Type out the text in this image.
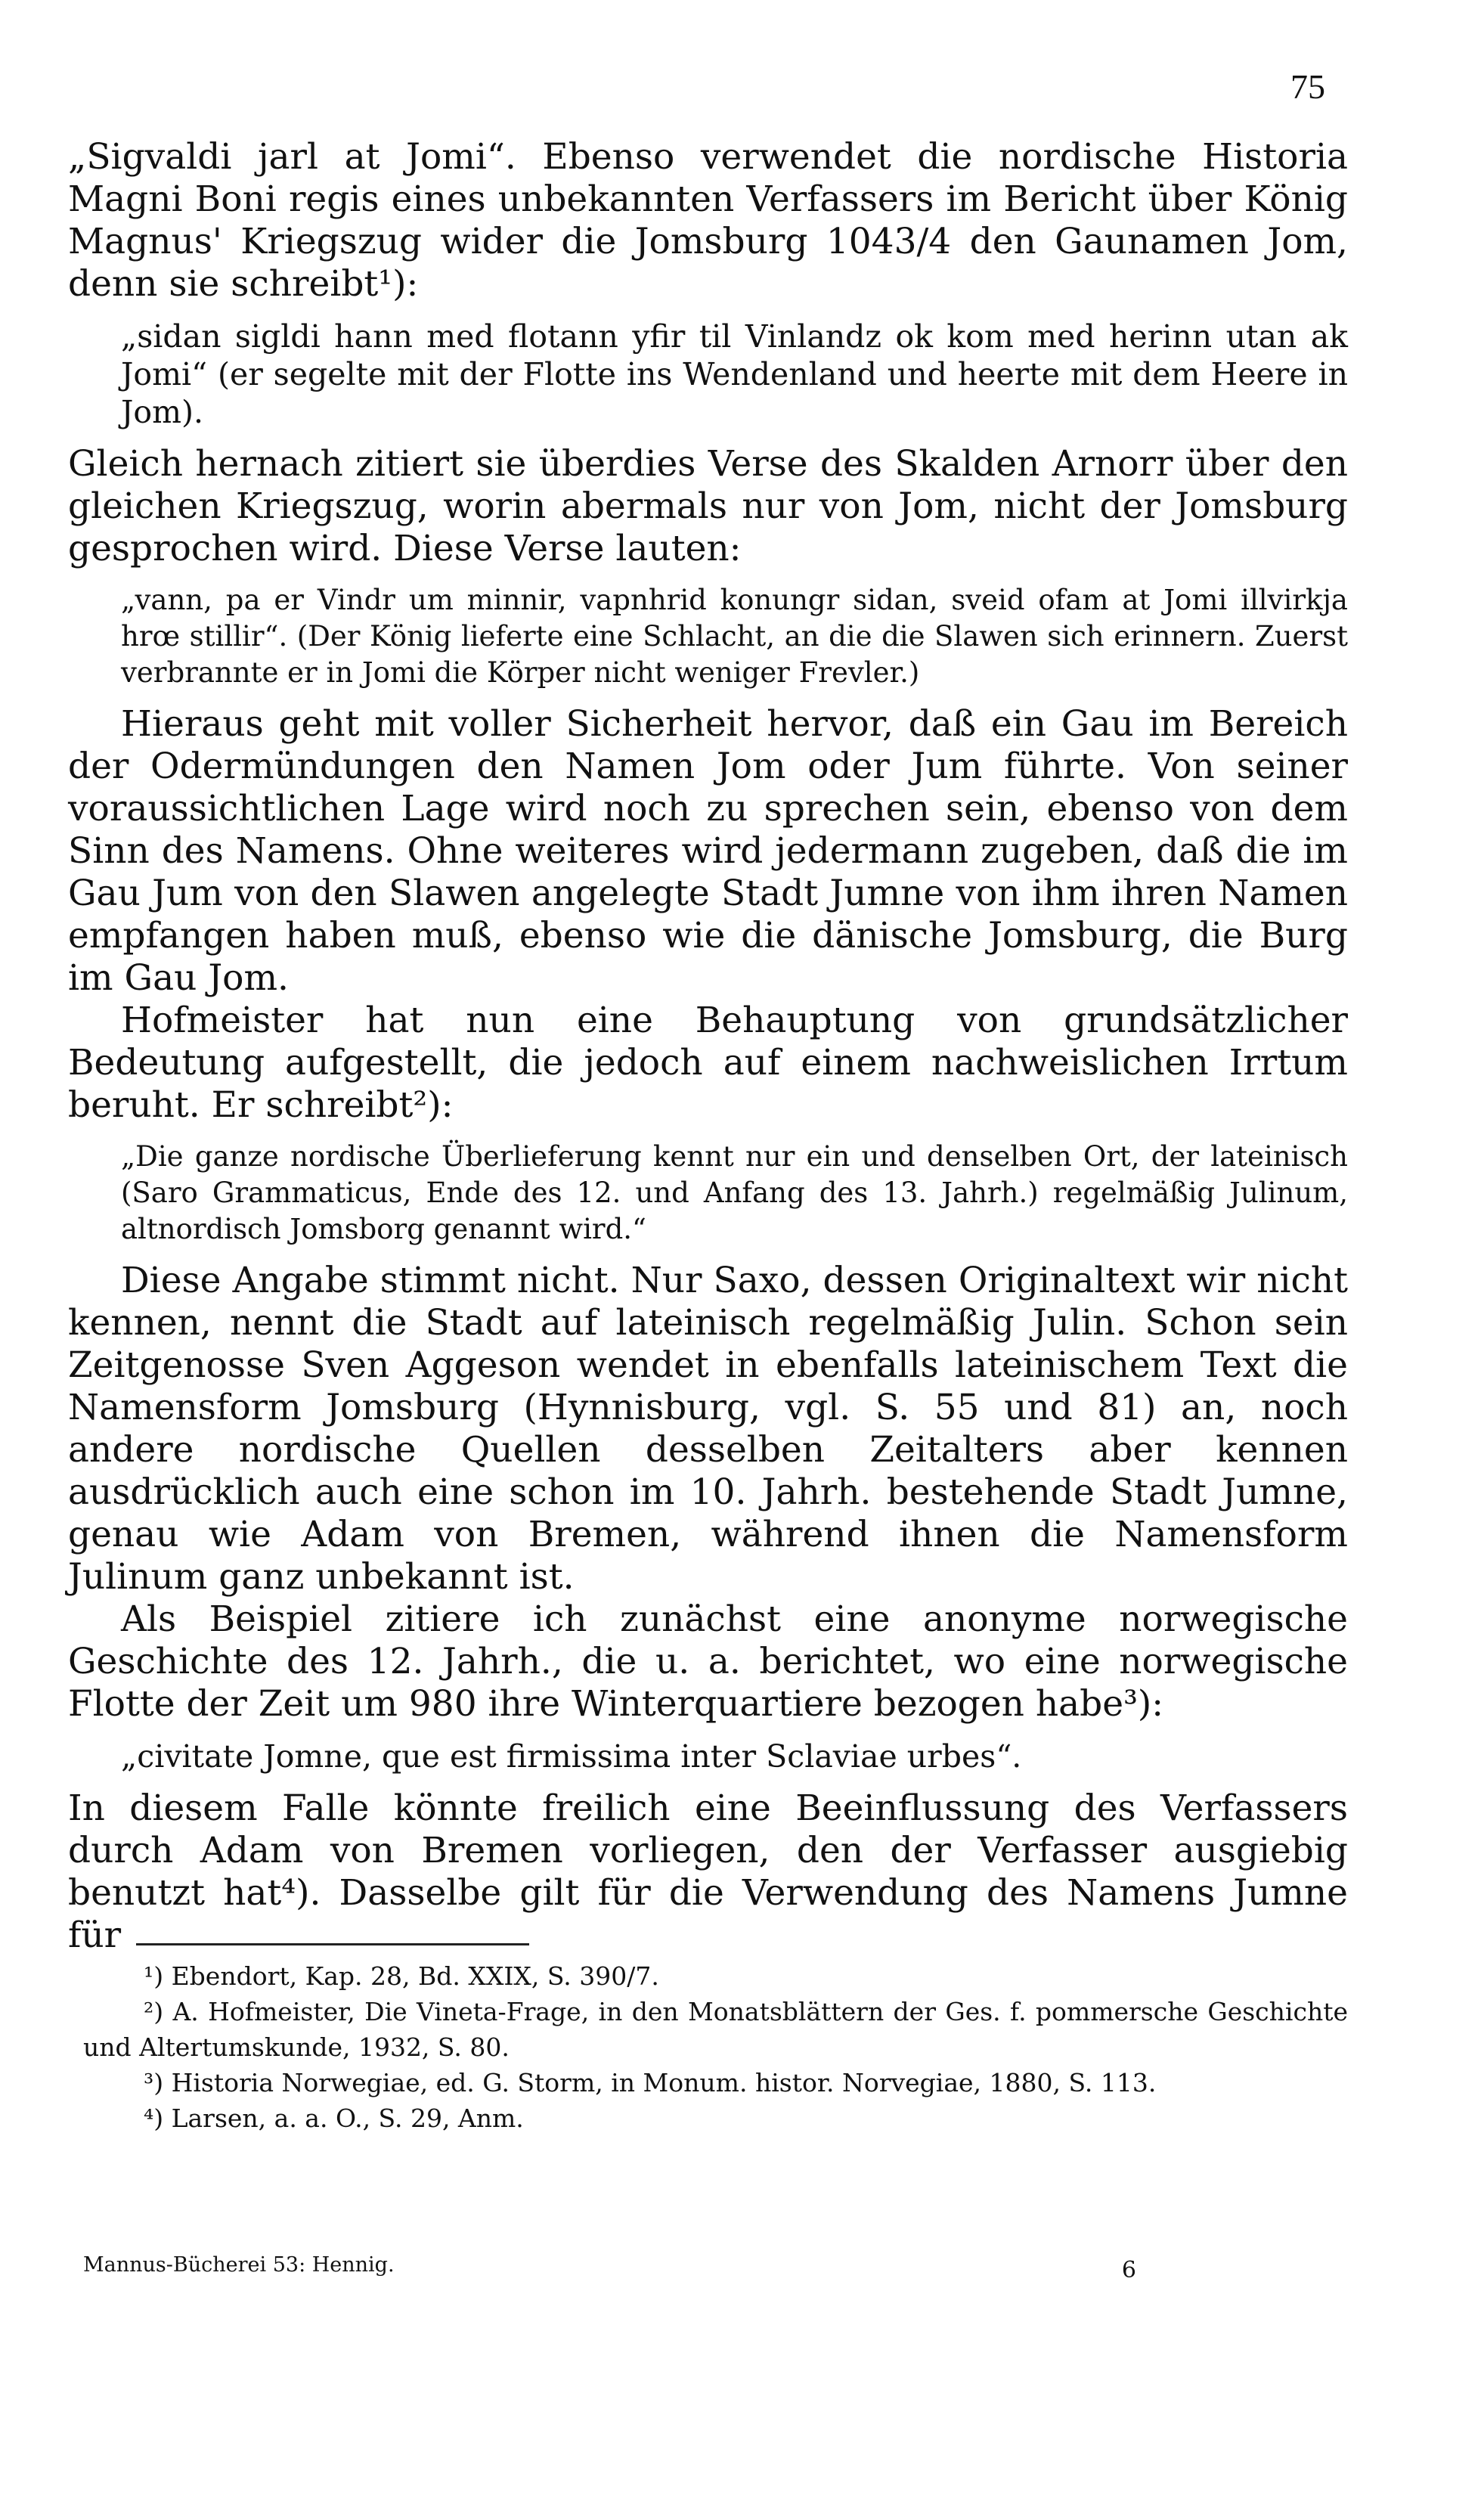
75

„Sigvaldi jarl at Jomi“. Ebenso verwendet die nordische Historia Magni Boni regis eines unbekannten Verfassers im Bericht über König Magnus' Kriegszug wider die Jomsburg 1043/4 den Gaunamen Jom, denn sie schreibt¹):

„sidan sigldi hann med flotann yfir til Vinlandz ok kom med herinn utan ak Jomi“ (er segelte mit der Flotte ins Wendenland und heerte mit dem Heere in Jom).

Gleich hernach zitiert sie überdies Verse des Skalden Arnorr über den gleichen Kriegszug, worin abermals nur von Jom, nicht der Jomsburg gesprochen wird. Diese Verse lauten:

„vann, pa er Vindr um minnir, vapnhrid konungr sidan, sveid ofam at Jomi illvirkja hrœ stillir“. (Der König lieferte eine Schlacht, an die die Slawen sich erinnern. Zuerst verbrannte er in Jomi die Körper nicht weniger Frevler.)

Hieraus geht mit voller Sicherheit hervor, daß ein Gau im Bereich der Odermündungen den Namen Jom oder Jum führte. Von seiner voraussichtlichen Lage wird noch zu sprechen sein, ebenso von dem Sinn des Namens. Ohne weiteres wird jedermann zugeben, daß die im Gau Jum von den Slawen angelegte Stadt Jumne von ihm ihren Namen empfangen haben muß, ebenso wie die dänische Jomsburg, die Burg im Gau Jom.

Hofmeister hat nun eine Behauptung von grundsätzlicher Bedeutung aufgestellt, die jedoch auf einem nachweislichen Irrtum beruht. Er schreibt²):

„Die ganze nordische Überlieferung kennt nur ein und denselben Ort, der lateinisch (Saro Grammaticus, Ende des 12. und Anfang des 13. Jahrh.) regelmäßig Julinum, altnordisch Jomsborg genannt wird.“

Diese Angabe stimmt nicht. Nur Saxo, dessen Originaltext wir nicht kennen, nennt die Stadt auf lateinisch regelmäßig Julin. Schon sein Zeitgenosse Sven Aggeson wendet in ebenfalls lateinischem Text die Namensform Jomsburg (Hynnisburg, vgl. S. 55 und 81) an, noch andere nordische Quellen desselben Zeitalters aber kennen ausdrücklich auch eine schon im 10. Jahrh. bestehende Stadt Jumne, genau wie Adam von Bremen, während ihnen die Namensform Julinum ganz unbekannt ist.

Als Beispiel zitiere ich zunächst eine anonyme norwegische Geschichte des 12. Jahrh., die u. a. berichtet, wo eine norwegische Flotte der Zeit um 980 ihre Winterquartiere bezogen habe³):

„civitate Jomne, que est firmissima inter Sclaviae urbes“.

In diesem Falle könnte freilich eine Beeinflussung des Verfassers durch Adam von Bremen vorliegen, den der Verfasser ausgiebig benutzt hat⁴). Dasselbe gilt für die Verwendung des Namens Jumne für

¹) Ebendort, Kap. 28, Bd. XXIX, S. 390/7.

²) A. Hofmeister, Die Vineta-Frage, in den Monatsblättern der Ges. f. pommersche Geschichte und Altertumskunde, 1932, S. 80.

³) Historia Norwegiae, ed. G. Storm, in Monum. histor. Norvegiae, 1880, S. 113.

⁴) Larsen, a. a. O., S. 29, Anm.

Mannus-Bücherei 53: Hennig.	6
